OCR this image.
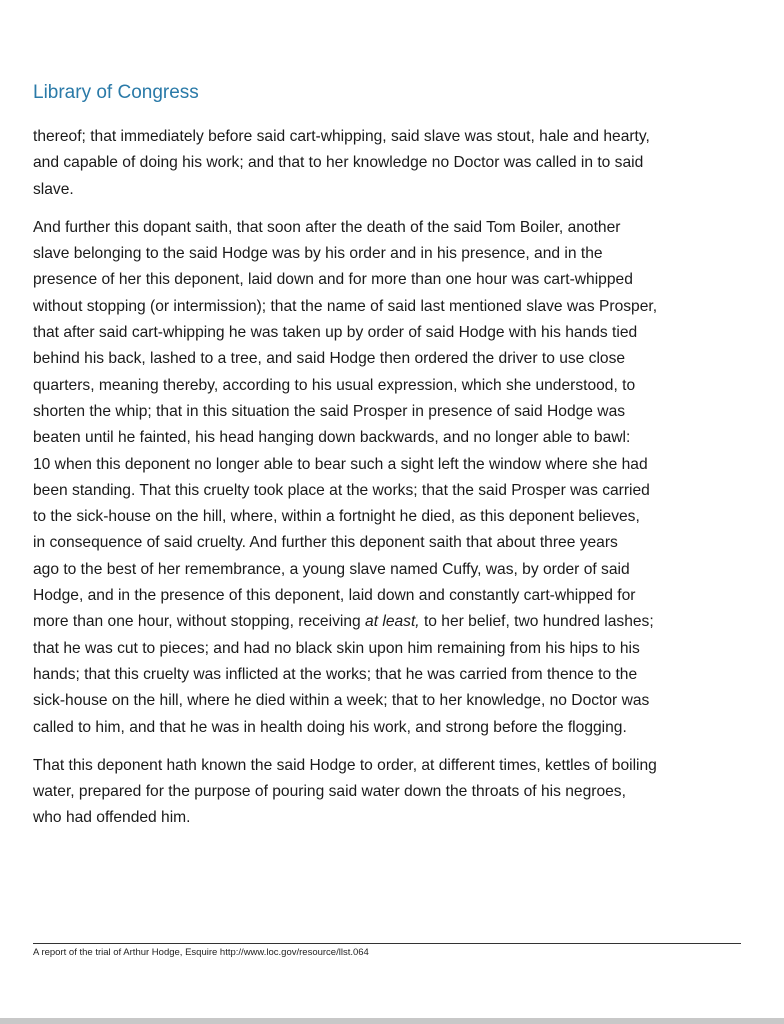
Library of Congress

thereof; that immediately before said cart-whipping, said slave was stout, hale and hearty,
and capable of doing his work; and that to her knowledge no Doctor was called in to said
slave.

And further this dopant saith, that soon after the death of the said Tom Boiler, another
slave belonging to the said Hodge was by his order and in his presence, and in the
presence of her this deponent, laid down and for more than one hour was cart-whipped
without stopping (or intermission); that the name of said last mentioned slave was Prosper,
that after said cart-whipping he was taken up by order of said Hodge with his hands tied
behind his back, lashed to a tree, and said Hodge then ordered the driver to use close
quarters, meaning thereby, according to his usual expression, which she understood, to
shorten the whip; that in this situation the said Prosper in presence of said Hodge was
beaten until he fainted, his head hanging down backwards, and no longer able to bawl:
10 when this deponent no longer able to bear such a sight left the window where she had
been standing. That this cruelty took place at the works; that the said Prosper was carried
to the sick-house on the hill, where, within a fortnight he died, as this deponent believes,
in consequence of said cruelty. And further this deponent saith that about three years
ago to the best of her remembrance, a young slave named Cuffy, was, by order of said
Hodge, and in the presence of this deponent, laid down and constantly cart-whipped for
more than one hour, without stopping, receiving at least, to her belief, two hundred lashes;
that he was cut to pieces; and had no black skin upon him remaining from his hips to his
hands; that this cruelty was inflicted at the works; that he was carried from thence to the
sick-house on the hill, where he died within a week; that to her knowledge, no Doctor was
called to him, and that he was in health doing his work, and strong before the flogging.

That this deponent hath known the said Hodge to order, at different times, kettles of boiling
water, prepared for the purpose of pouring said water down the throats of his negroes,
who had offended him.

A report of the trial of Arthur Hodge, Esquire http://www.loc.gov/resource/llst.064
